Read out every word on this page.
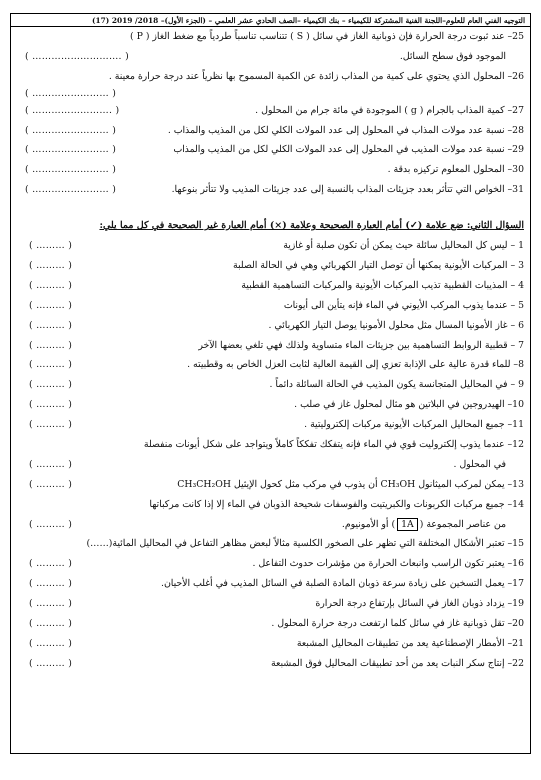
التوجيه الفني العام للعلوم–اللجنة الفنية المشتركة للكيمياء – بنك الكيمياء –الصف الحادي عشر العلمي – (الجزء الأول)– 2018/ 2019 (17)
25– عند ثبوت درجة الحرارة فإن ذوبانية الغاز في سائل ( S ) تتناسب تناسباً طردياً مع ضغط الغاز ( P )
الموجود فوق سطح السائل.
( ………………………. )
26– المحلول الذي يحتوي على كمية من المذاب زائدة عن الكمية المسموح بها نظرياً عند درجة حرارة معينة .
( …………………… )
27– كمية المذاب بالجرام ( g ) الموجودة في مائة جرام من المحلول .
( ……………………. )
28– نسبة عدد مولات المذاب في المحلول إلى عدد المولات الكلي لكل من المذيب والمذاب .
( …………………… )
29– نسبة عدد مولات المذيب في المحلول إلى عدد المولات الكلي لكل من المذيب والمذاب
( …………………… )
30– المحلول المعلوم تركيزه بدقة .
( …………………… )
31– الخواص التي تتأثر بعدد جزيئات المذاب بالنسبة إلى عدد جزيئات المذيب ولا تتأثر بنوعها.
( …………………… )
السؤال الثاني: ضع علامة (✓) أمام العبارة الصحيحة وعلامة (×) أمام العبارة غير الصحيحة في كل مما يلي:
1 – ليس كل المحاليل سائلة حيث يمكن أن تكون صلبة أو غازية
( ……… )
3 – المركبات الأيونية يمكنها أن توصل التيار الكهربائي وهي في الحالة الصلبة
( ……… )
4 – المذيبات القطبية تذيب المركبات الأيونية والمركبات التساهمية القطبية
( ……… )
5 – عندما يذوب المركب الأيوني في الماء فإنه يتأين الى أيونات
( ……… )
6 – غاز الأمونيا المسال مثل محلول الأمونيا يوصل التيار الكهربائي .
( ……… )
7 – قطبية الروابط التساهمية بين جزيئات الماء متساوية ولذلك فهي تلغي بعضها الآخر
( ……… )
8– للماء قدرة عالية على الإذابة تعزي إلى القيمة العالية لثابت العزل الخاص به وقطبيته .
( ……… )
9 – في المحاليل المتجانسة يكون المذيب في الحالة السائلة دائماً .
( ……… )
10– الهيدروجين في البلاتين هو مثال لمحلول غاز في صلب .
( ……… )
11– جميع المحاليل المركبات الأيونية مركبات إلكتروليتية .
( ……… )
12– عندما يذوب إلكتروليت قوي في الماء فإنه يتفكك تفككاً كاملاً ويتواجد على شكل أيونات منفصلة
في المحلول .
( ……… )
13– يمكن لمركب الميثانول CH₃OH أن يذوب في مركب مثل كحول الإيثيل CH₃CH₂OH
( ……… )
14– جميع مركبات الكربونات والكبريتيت والفوسفات شحيحة الذوبان في الماء إلا إذا كانت مركباتها
من عناصر المجموعة (1A) أو الأمونيوم.
( ……… )
15– تعتبر الأشكال المختلفة التي تظهر على الصخور الكلسية مثالاً لبعض مظاهر التفاعل في المحاليل المائية(……)
16– يعتبر تكون الراسب وانبعاث الحرارة من مؤشرات حدوث التفاعل .
( ……… )
17– يعمل التسخين على زيادة سرعة ذوبان المادة الصلبة في السائل المذيب في أغلب الأحيان.
( ……… )
19– يزداد ذوبان الغاز في السائل بإرتفاع درجة الحرارة
( ……… )
20– تقل ذوبانية غاز في سائل كلما ارتفعت درجة حرارة المحلول .
( ……… )
21– الأمطار الإصطناعية يعد من تطبيقات المحاليل المشبعة
( ……… )
22– إنتاج سكر النبات يعد من أحد تطبيقات المحاليل فوق المشبعة
( ……… )
